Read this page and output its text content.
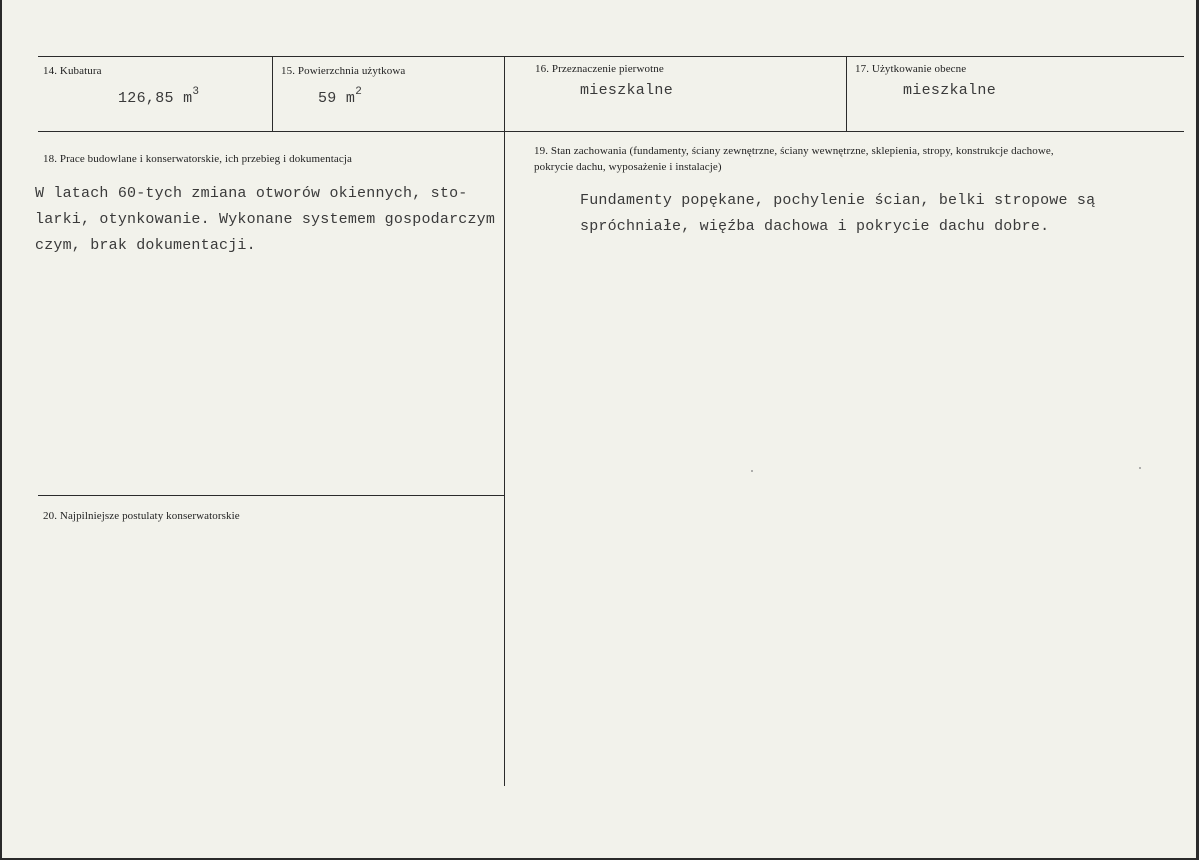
14. Kubatura
126,85 $m^3$
15. Powierzchnia użytkowa
59 $m^2$
16. Przeznaczenie pierwotne
mieszkalne
17. Użytkowanie obecne
mieszkalne
18. Prace budowlane i konserwatorskie, ich przebieg i dokumentacja
W latach 60-tych zmiana otworów okiennych, sto-
larki, otynkowanie. Wykonane systemem gospodarczym
czym, brak dokumentacji.
19. Stan zachowania (fundamenty, ściany zewnętrzne, ściany wewnętrzne, sklepienia, stropy, konstrukcje dachowe, pokrycie dachu, wyposażenie i instalacje)
Fundamenty popękane, pochylenie ścian, belki stropowe są
spróchniałe, więźba dachowa i pokrycie dachu dobre.
20. Najpilniejsze postulaty konserwatorskie
